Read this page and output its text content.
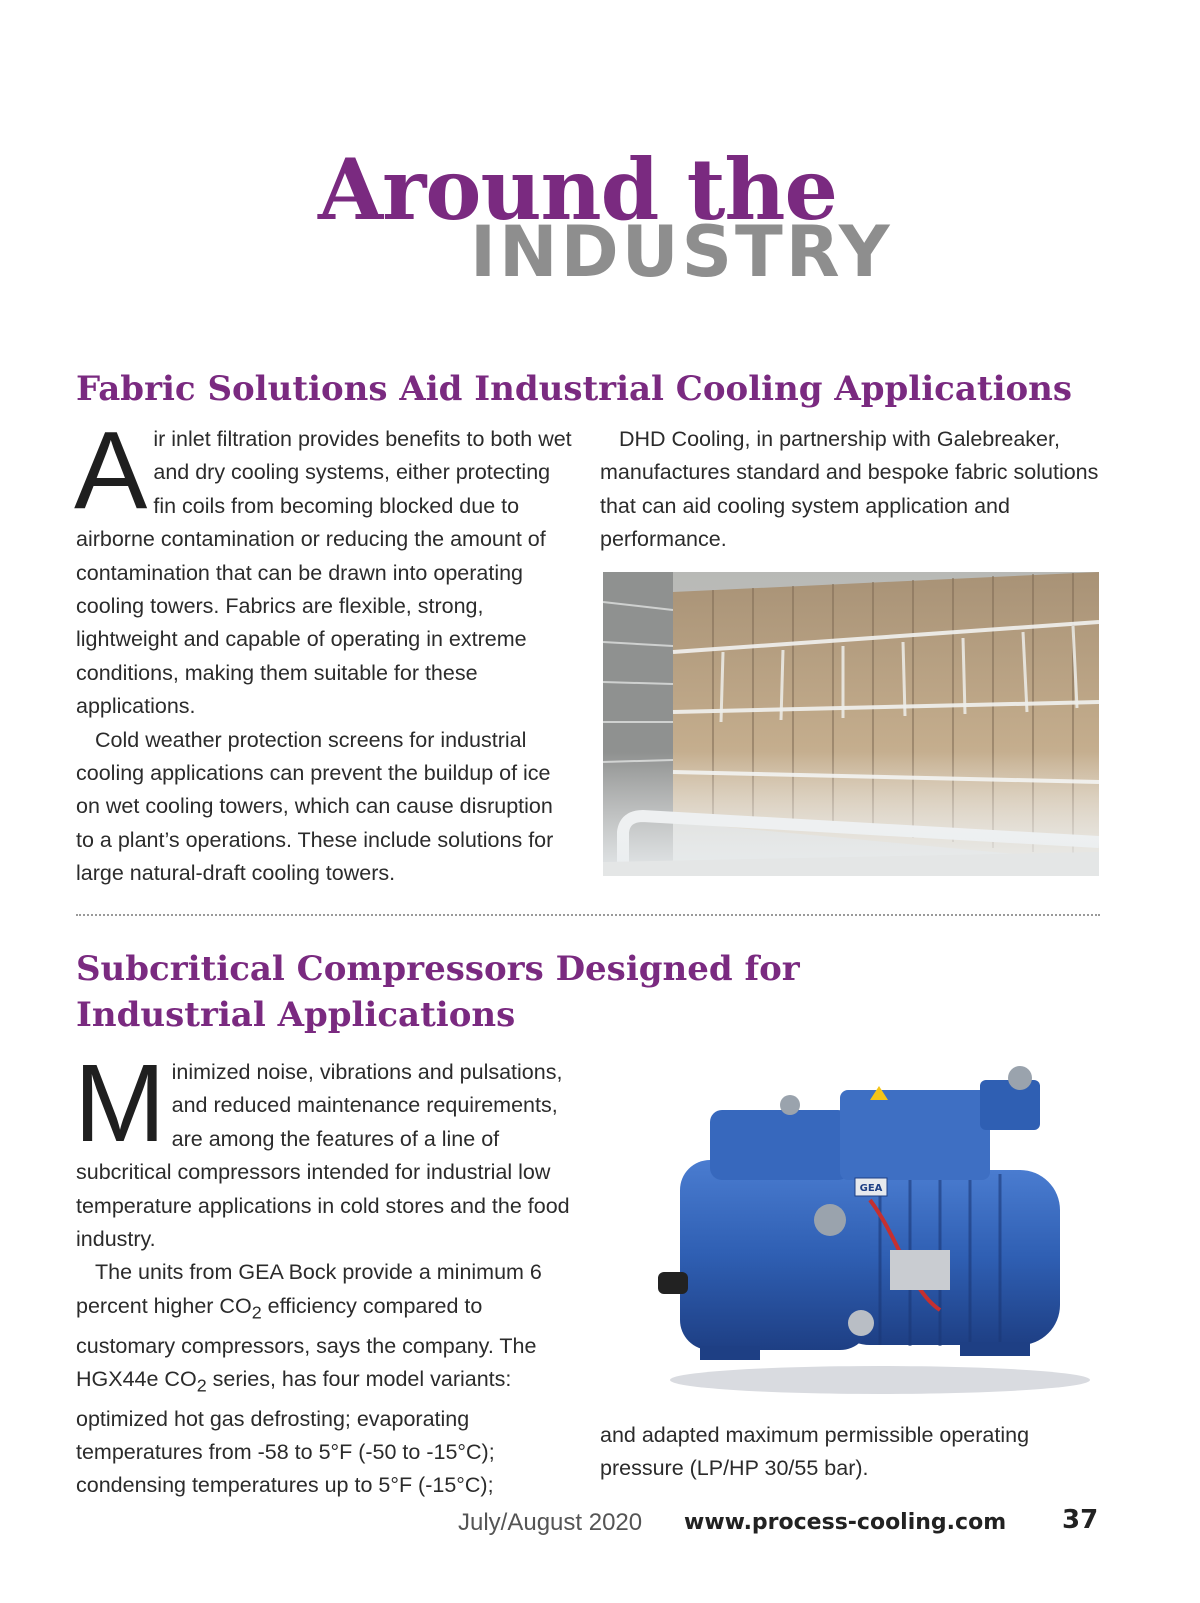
Around the
INDUSTRY
Fabric Solutions Aid Industrial Cooling Applications

Air inlet filtration provides benefits to both wet and dry cooling systems, either protecting fin coils from becoming blocked due to airborne contamination or reducing the amount of contamination that can be drawn into operating cooling towers. Fabrics are flexible, strong, lightweight and capable of operating in extreme conditions, making them suitable for these applications.

Cold weather protection screens for industrial cooling applications can prevent the buildup of ice on wet cooling towers, which can cause disruption to a plant’s operations. These include solutions for large natural-draft cooling towers.

DHD Cooling, in partnership with Galebreaker, manufactures standard and bespoke fabric solutions that can aid cooling system application and performance.

Subcritical Compressors Designed for
Industrial Applications

Minimized noise, vibrations and pulsations, and reduced maintenance requirements, are among the features of a line of subcritical compressors intended for industrial low temperature applications in cold stores and the food industry.

The units from GEA Bock provide a minimum 6 percent higher $CO_2$ efficiency compared to customary compressors, says the company. The HGX44e $CO_2$ series, has four model variants: optimized hot gas defrosting; evaporating temperatures from -58 to 5°F (-50 to -15°C); condensing temperatures up to 5°F (-15°C);

GEA

and adapted maximum permissible operating pressure (LP/HP 30/55 bar).

July/August 2020 www.process-cooling.com 37
